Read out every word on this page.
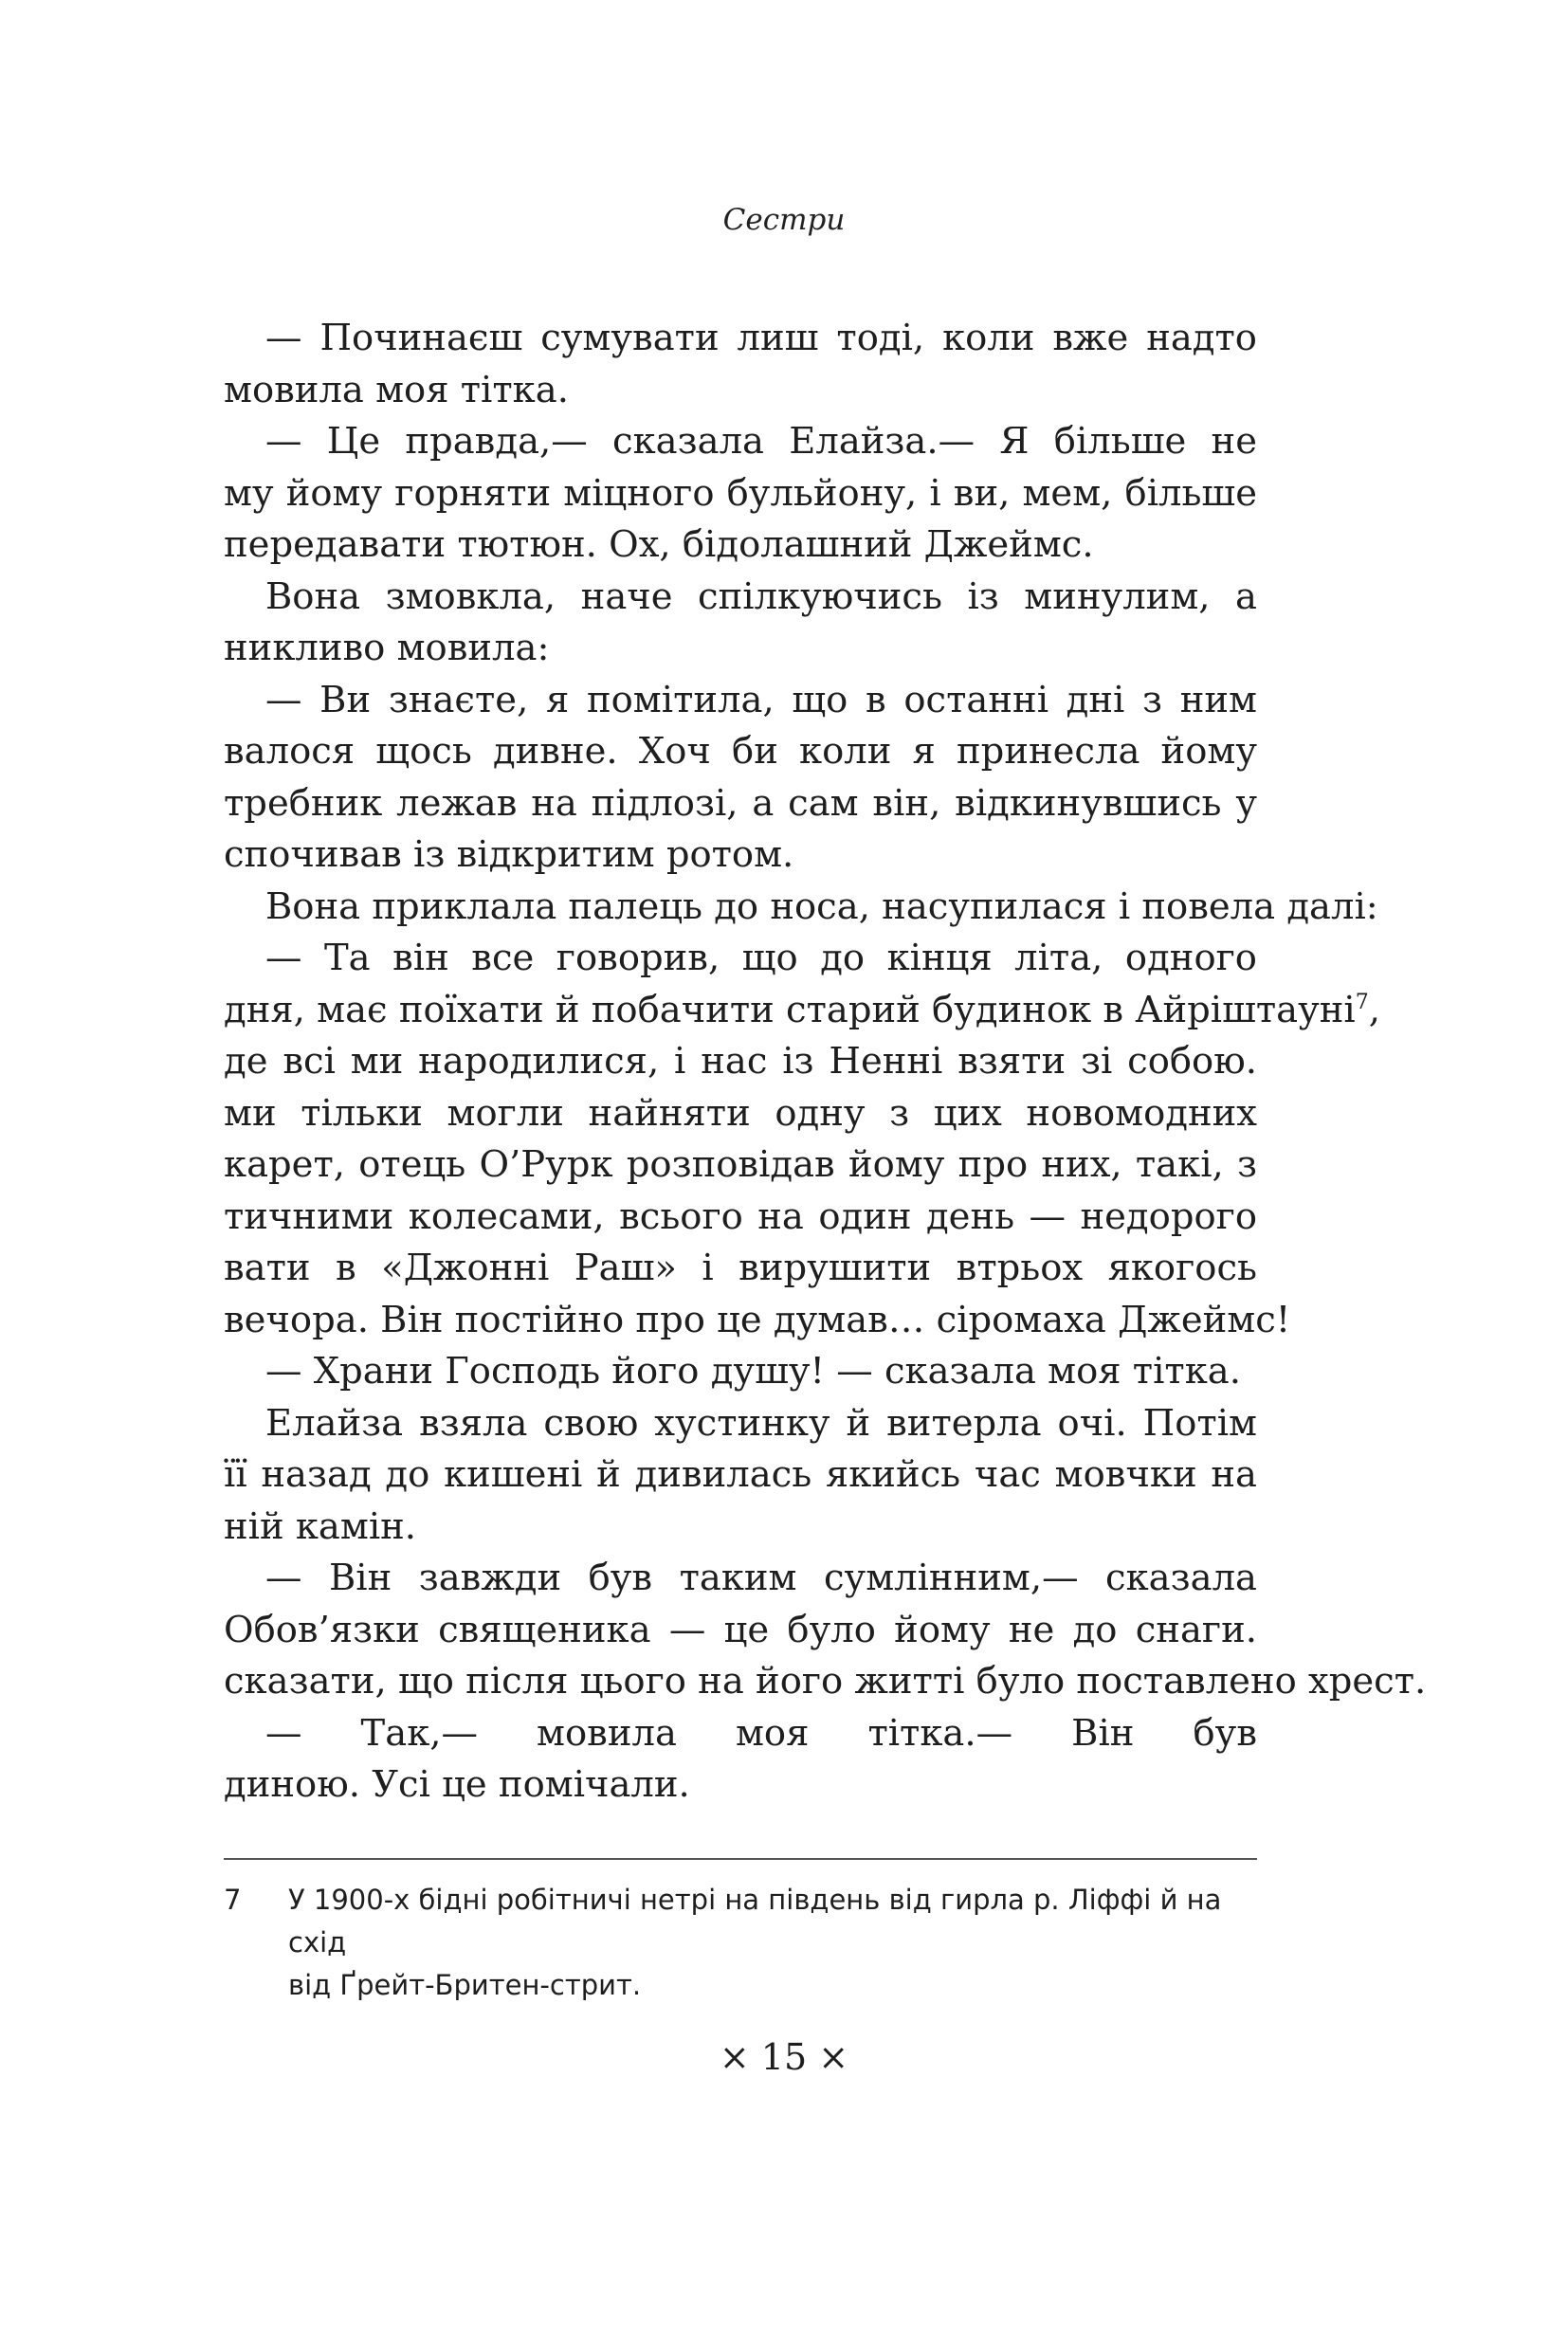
Сестри
— Починаєш сумувати лиш тоді, коли вже надто
мовила моя тітка.
— Це правда,— сказала Елайза.— Я більше не
му йому горняти міцного бульйону, і ви, мем, більше
передавати тютюн. Ох, бідолашний Джеймс.
Вона змовкла, наче спілкуючись із минулим, а
никливо мовила:
— Ви знаєте, я помітила, що в останні дні з ним
валося щось дивне. Хоч би коли я принесла йому
требник лежав на підлозі, а сам він, відкинувшись у
спочивав із відкритим ротом.
Вона приклала палець до носа, насупилася і повела далі:
— Та він все говорив, що до кінця літа, одного
дня, має поїхати й побачити старий будинок в Айріштауні$^7$,
де всі ми народилися, і нас із Ненні взяти зі собою.
ми тільки могли найняти одну з цих новомодних
карет, отець О’Рурк розповідав йому про них, такі, з
тичними колесами, всього на один день — недорого
вати в «Джонні Раш» і вирушити втрьох якогось
вечора. Він постійно про це думав… сіромаха Джеймс!
— Храни Господь його душу! — сказала моя тітка.
Елайза взяла свою хустинку й витерла очі. Потім
її назад до кишені й дивилась якийсь час мовчки на
ній камін.
— Він завжди був таким сумлінним,— сказала
Обов’язки священика — це було йому не до снаги.
сказати, що після цього на його житті було поставлено хрест.
— Так,— мовила моя тітка.— Він був
диною. Усі це помічали.
7	У 1900-х бідні робітничі нетрі на південь від гирла р. Ліффі й на схід
від Ґрейт-Бритен-стрит.
× 15 ×
